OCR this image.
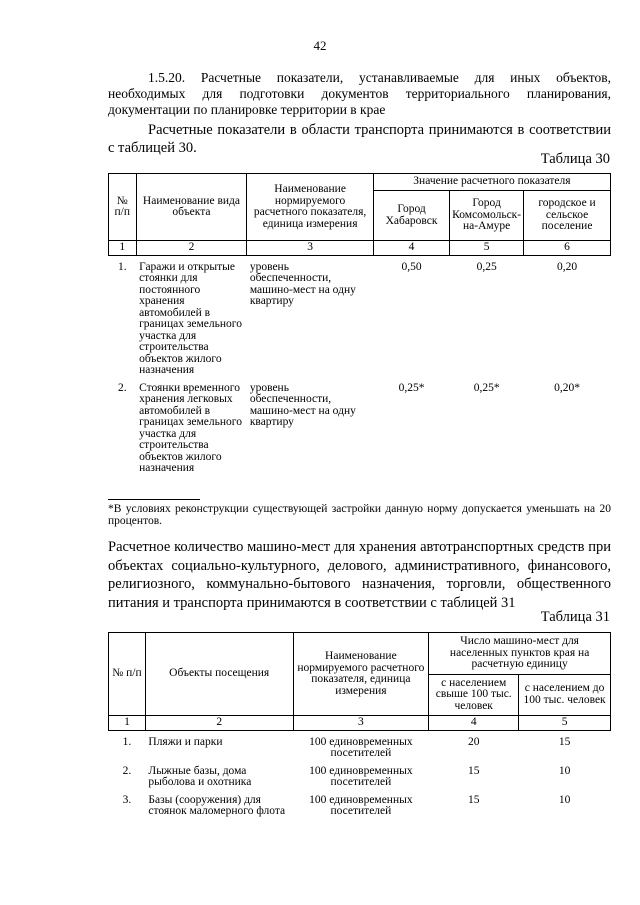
42
1.5.20. Расчетные показатели, устанавливаемые для иных объектов, необходимых для подготовки документов территориального планирования, документации по планировке территории в крае
Расчетные показатели в области транспорта принимаются в соответствии с таблицей 30.
Таблица 30
№ п/п	Наименование вида объекта	Наименование нормируемого расчетного показателя, единица измерения	Значение расчетного показателя		
			Город Хабаровск	Город Комсомольск-на-Амуре	городское и сельское поселение
1	2	3	4	5	6

1.	Гаражи и открытые стоянки для постоянного хранения автомобилей в границах земельного участка для строительства объектов жилого назначения	уровень обеспеченности, машино-мест на одну квартиру	0,50	0,25	0,20

2.	Стоянки временного хранения легковых автомобилей в границах земельного участка для строительства объектов жилого назначения	уровень обеспеченности, машино-мест на одну квартиру	0,25*	0,25*	0,20*
*В условиях реконструкции существующей застройки данную норму допускается уменьшать на 20 процентов.
Расчетное количество машино-мест для хранения автотранспортных средств при объектах социально-культурного, делового, административного, финансового, религиозного, коммунально-бытового назначения, торговли, общественного питания и транспорта принимаются в соответствии с таблицей 31
Таблица 31
№ п/п	Объекты посещения	Наименование нормируемого расчетного показателя, единица измерения	Число машино-мест для населенных пунктов края на расчетную единицу	
			с населением свыше 100 тыс. человек	с населением до 100 тыс. человек
1	2	3	4	5

1.	Пляжи и парки	100 единовременных посетителей	20	15

2.	Лыжные базы, дома рыболова и охотника	100 единовременных посетителей	15	10

3.	Базы (сооружения) для стоянок маломерного флота	100 единовременных посетителей	15	10
